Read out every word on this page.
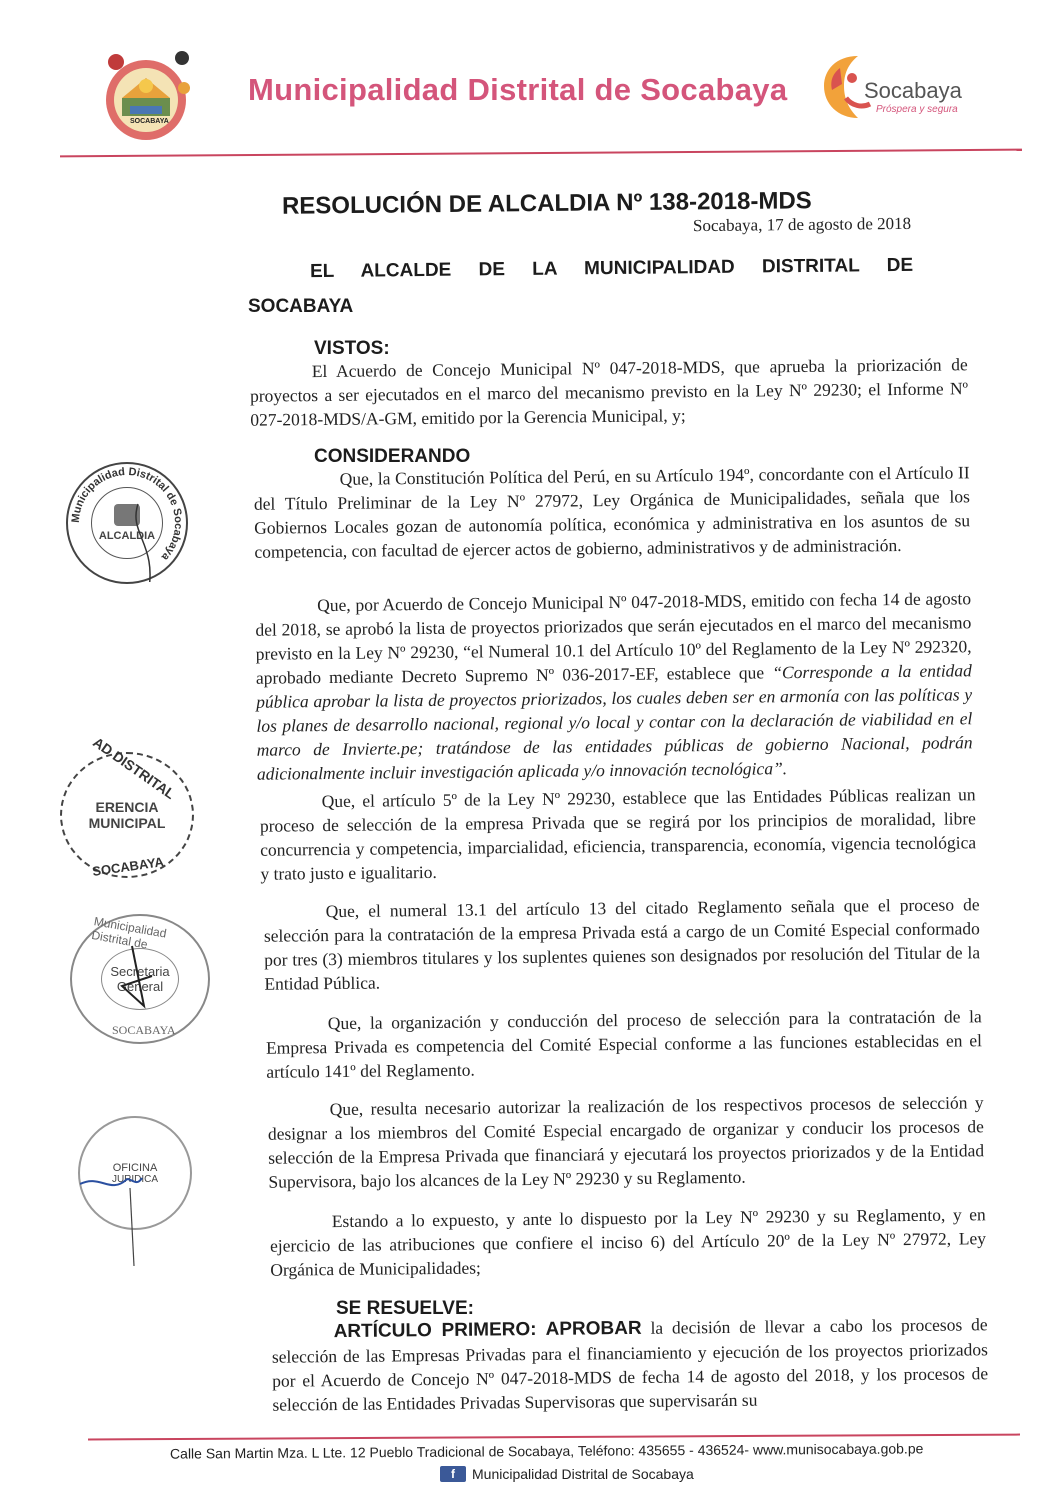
SOCABAYA
Municipalidad Distrital de Socabaya	Socabaya
Próspera y segura
RESOLUCIÓN DE ALCALDIA Nº 138-2018-MDS
Socabaya, 17 de agosto de 2018
EL ALCALDE DE LA MUNICIPALIDAD DISTRITAL DE
SOCABAYA
VISTOS:
El Acuerdo de Concejo Municipal Nº 047-2018-MDS, que aprueba la priorización de proyectos a ser ejecutados en el marco del mecanismo previsto en la Ley Nº 29230; el Informe Nº 027-2018-MDS/A-GM, emitido por la Gerencia Municipal, y;
CONSIDERANDO
Que, la Constitución Política del Perú, en su Artículo 194º, concordante con el Artículo II del Título Preliminar de la Ley Nº 27972, Ley Orgánica de Municipalidades, señala que los Gobiernos Locales gozan de autonomía política, económica y administrativa en los asuntos de su competencia, con facultad de ejercer actos de gobierno, administrativos y de administración.
Que, por Acuerdo de Concejo Municipal Nº 047-2018-MDS, emitido con fecha 14 de agosto del 2018, se aprobó la lista de proyectos priorizados que serán ejecutados en el marco del mecanismo previsto en la Ley Nº 29230, “el Numeral 10.1 del Artículo 10º del Reglamento de la Ley Nº 292320, aprobado mediante Decreto Supremo Nº 036-2017-EF, establece que “Corresponde a la entidad pública aprobar la lista de proyectos priorizados, los cuales deben ser en armonía con las políticas y los planes de desarrollo nacional, regional y/o local y contar con la declaración de viabilidad en el marco de Invierte.pe; tratándose de las entidades públicas de gobierno Nacional, podrán adicionalmente incluir investigación aplicada y/o innovación tecnológica”.
Que, el artículo 5º de la Ley Nº 29230, establece que las Entidades Públicas realizan un proceso de selección de la empresa Privada que se regirá por los principios de moralidad, libre concurrencia y competencia, imparcialidad, eficiencia, transparencia, economía, vigencia tecnológica y trato justo e igualitario.
Que, el numeral 13.1 del artículo 13 del citado Reglamento señala que el proceso de selección para la contratación de la empresa Privada está a cargo de un Comité Especial conformado por tres (3) miembros titulares y los suplentes quienes son designados por resolución del Titular de la Entidad Pública.
Que, la organización y conducción del proceso de selección para la contratación de la Empresa Privada es competencia del Comité Especial conforme a las funciones establecidas en el artículo 141º del Reglamento.
Que, resulta necesario autorizar la realización de los respectivos procesos de selección y designar a los miembros del Comité Especial encargado de organizar y conducir los procesos de selección de la Empresa Privada que financiará y ejecutará los proyectos priorizados y de la Entidad Supervisora, bajo los alcances de la Ley Nº 29230 y su Reglamento.
Estando a lo expuesto, y ante lo dispuesto por la Ley Nº 29230 y su Reglamento, y en ejercicio de las atribuciones que confiere el inciso 6) del Artículo 20º de la Ley Nº 27972, Ley Orgánica de Municipalidades;
SE RESUELVE:
ARTÍCULO PRIMERO: APROBAR la decisión de llevar a cabo los procesos de selección de las Empresas Privadas para el financiamiento y ejecución de los proyectos priorizados por el Acuerdo de Concejo Nº 047-2018-MDS de fecha 14 de agosto del 2018, y los procesos de selección de las Entidades Privadas Supervisoras que supervisarán su
Municipalidad Distrital de Socabaya
ALCALDIA
AD DISTRITAL
ERENCIA
MUNICIPAL
SOCABAYA
Municipalidad Distrital de
Secretaria
General
SOCABAYA
OFICINA
JURIDICA
Calle San Martin Mza. L Lte. 12 Pueblo Tradicional de Socabaya, Teléfono: 435655 - 436524- www.munisocabaya.gob.pe
f	Municipalidad Distrital de Socabaya
